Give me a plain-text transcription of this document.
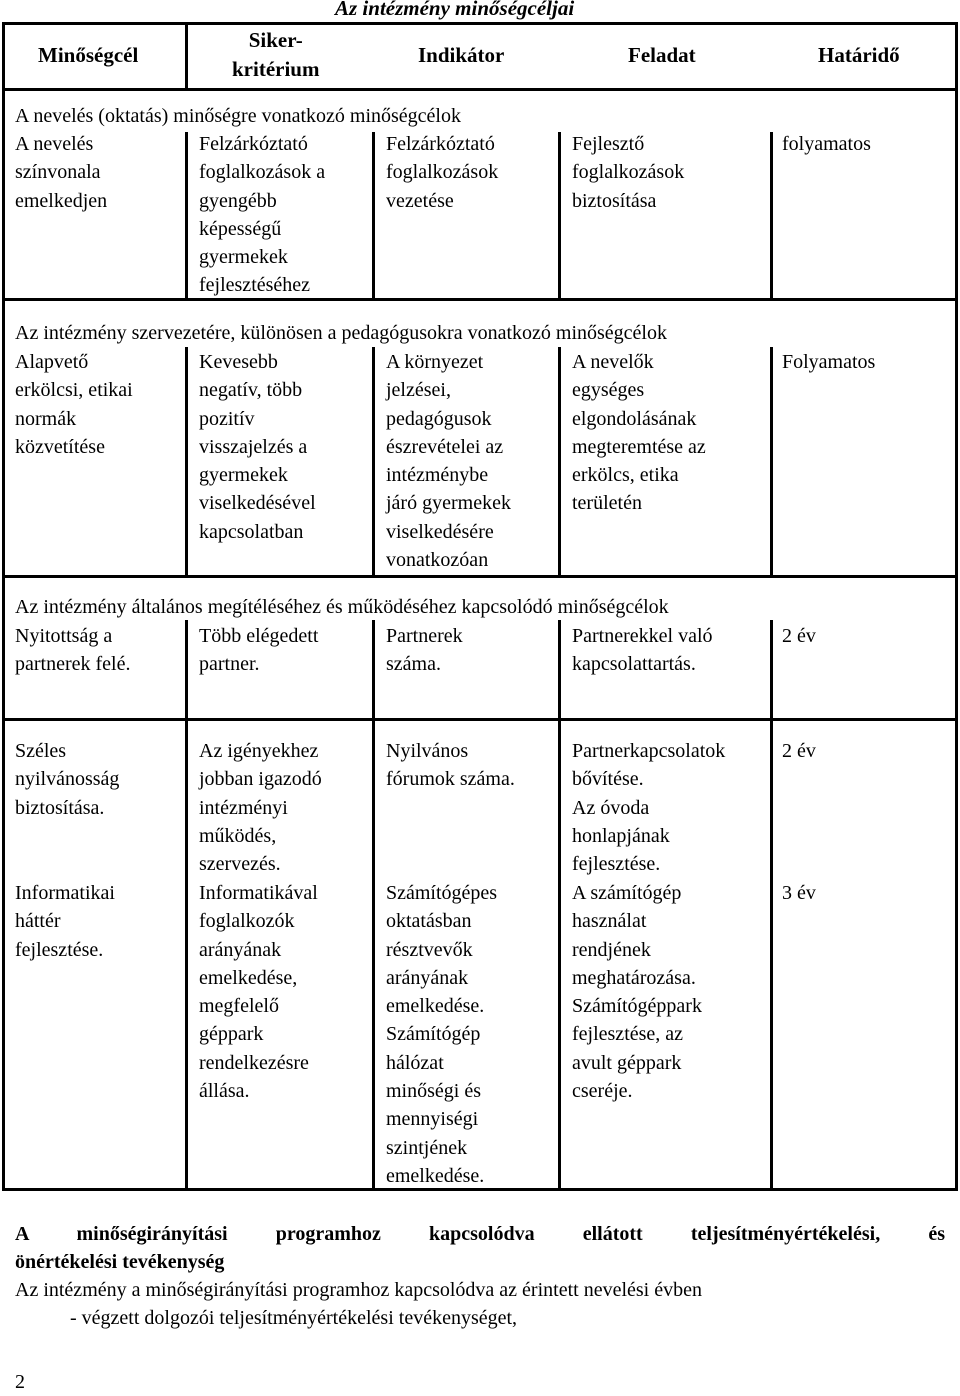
Az intézmény minőségcéljai
Minőségcél
Siker-
kritérium
Indikátor	Feladat	Határidő
A nevelés (oktatás) minőségre vonatkozó minőségcélok
A nevelés
színvonala
emelkedjen
Felzárkóztató
foglalkozások a
gyengébb
képességű
gyermekek
fejlesztéséhez
Felzárkóztató
foglalkozások
vezetése
Fejlesztő
foglalkozások
biztosítása
folyamatos
Az intézmény szervezetére, különösen a pedagógusokra vonatkozó minőségcélok
Alapvető
erkölcsi, etikai
normák
közvetítése
Kevesebb
negatív, több
pozitív
visszajelzés a
gyermekek
viselkedésével
kapcsolatban
A környezet
jelzései,
pedagógusok
észrevételei az
intézménybe
járó gyermekek
viselkedésére
vonatkozóan
A nevelők
egységes
elgondolásának
megteremtése az
erkölcs, etika
területén
Folyamatos
Az intézmény általános megítéléséhez és működéséhez kapcsolódó minőségcélok
Nyitottság a
partnerek felé.
Több elégedett
partner.
Partnerek
száma.
Partnerekkel való
kapcsolattartás.
2 év
Széles
nyilvánosság
biztosítása.
Az igényekhez
jobban igazodó
intézményi
működés,
szervezés.
Nyilvános
fórumok száma.
Partnerkapcsolatok
bővítése.
Az óvoda
honlapjának
fejlesztése.
2 év
Informatikai
háttér
fejlesztése.
Informatikával
foglalkozók
arányának
emelkedése,
megfelelő
géppark
rendelkezésre
állása.
Számítógépes
oktatásban
résztvevők
arányának
emelkedése.
Számítógép
hálózat
minőségi és
mennyiségi
szintjének
emelkedése.
A számítógép
használat
rendjének
meghatározása.
Számítógéppark
fejlesztése, az
avult géppark
cseréje.
3 év
A minőségirányítási programhoz kapcsolódva ellátott teljesítményértékelési, és
önértékelési tevékenység
Az intézmény a minőségirányítási programhoz kapcsolódva az érintett nevelési évben
- végzett dolgozói teljesítményértékelési tevékenységet,
2
